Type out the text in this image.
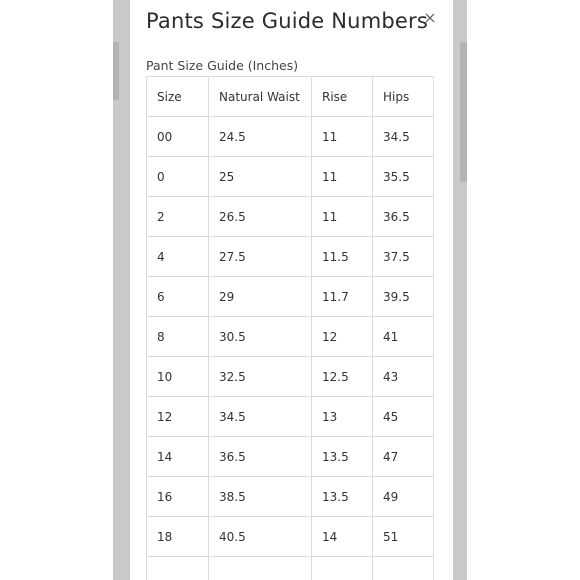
Pants Size Guide Numbers
Pant Size Guide (Inches)
Size	Natural Waist	Rise	Hips
00	24.5	11	34.5
0	25	11	35.5
2	26.5	11	36.5
4	27.5	11.5	37.5
6	29	11.7	39.5
8	30.5	12	41
10	32.5	12.5	43
12	34.5	13	45
14	36.5	13.5	47
16	38.5	13.5	49
18	40.5	14	51
